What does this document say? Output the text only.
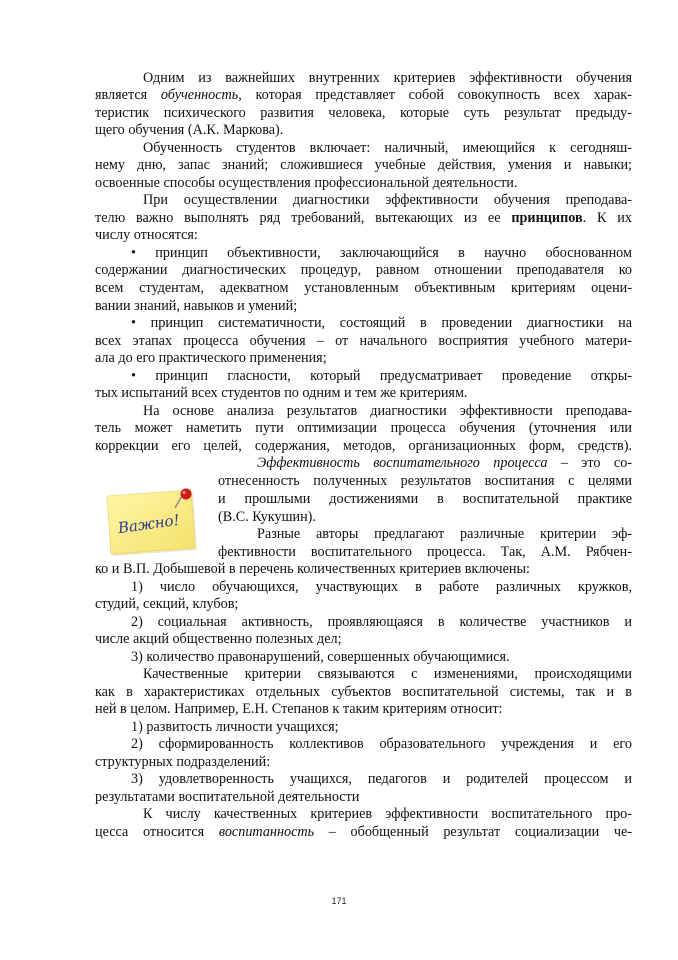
Одним из важнейших внутренних критериев эффективности обучения
является обученность, которая представляет собой совокупность всех харак-
теристик психического развития человека, которые суть результат предыду-
щего обучения (А.К. Маркова).
Обученность студентов включает: наличный, имеющийся к сегодняш-
нему дню, запас знаний; сложившиеся учебные действия, умения и навыки;
освоенные способы осуществления профессиональной деятельности.
При осуществлении диагностики эффективности обучения преподава-
телю важно выполнять ряд требований, вытекающих из ее принципов. К их
числу относятся:
• принцип объективности, заключающийся в научно обоснованном
содержании диагностических процедур, равном отношении преподавателя ко
всем студентам, адекватном установленным объективным критериям оцени-
вании знаний, навыков и умений;
• принцип систематичности, состоящий в проведении диагностики на
всех этапах процесса обучения – от начального восприятия учебного матери-
ала до его практического применения;
• принцип гласности, который предусматривает проведение откры-
тых испытаний всех студентов по одним и тем же критериям.
На основе анализа результатов диагностики эффективности преподава-
тель может наметить пути оптимизации процесса обучения (уточнения или
коррекции его целей, содержания, методов, организационных форм, средств).
Эффективность воспитательного процесса – это со-
отнесенность полученных результатов воспитания с целями
и прошлыми достижениями в воспитательной практике
(В.С. Кукушин).
Разные авторы предлагают различные критерии эф-
фективности воспитательного процесса. Так, А.М. Рябчен-
ко и В.П. Добышевой в перечень количественных критериев включены:
1) число обучающихся, участвующих в работе различных кружков,
студий, секций, клубов;
2) социальная активность, проявляющаяся в количестве участников и
числе акций общественно полезных дел;
3) количество правонарушений, совершенных обучающимися.
Качественные критерии связываются с изменениями, происходящими
как в характеристиках отдельных субъектов воспитательной системы, так и в
ней в целом. Например, Е.Н. Степанов к таким критериям относит:
1) развитость личности учащихся;
2) сформированность коллективов образовательного учреждения и его
структурных подразделений:
3) удовлетворенность учащихся, педагогов и родителей процессом и
результатами воспитательной деятельности
К числу качественных критериев эффективности воспитательного про-
цесса относится воспитанность – обобщенный результат социализации че-
Важно!
171
